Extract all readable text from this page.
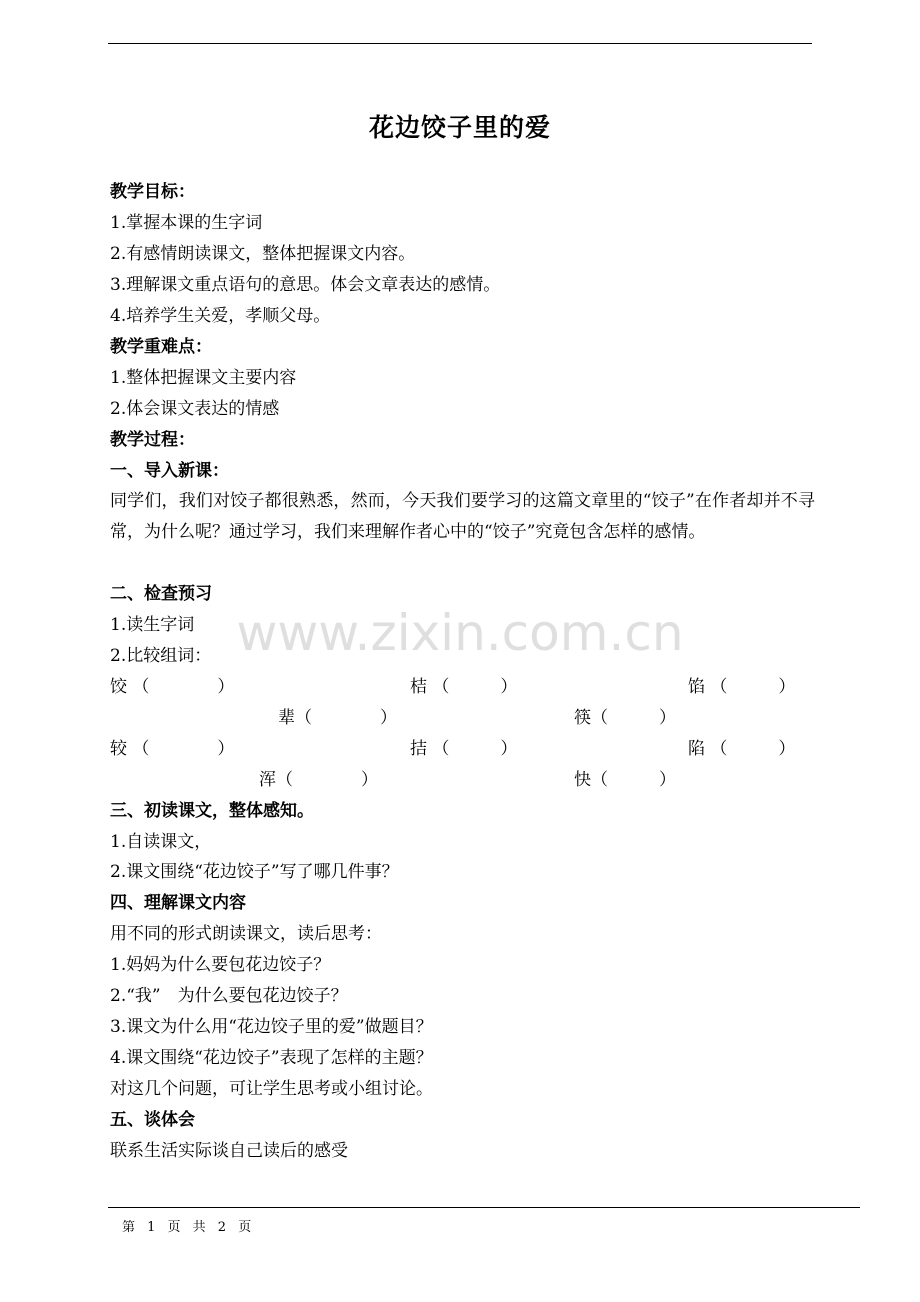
花边饺子里的爱
教学目标：
1.掌握本课的生字词
2.有感情朗读课文，整体把握课文内容。
3.理解课文重点语句的意思。体会文章表达的感情。
4.培养学生关爱，孝顺父母。
教学重难点：
1.整体把握课文主要内容
2.体会课文表达的情感
教学过程：
一、导入新课：
同学们，我们对饺子都很熟悉，然而，今天我们要学习的这篇文章里的“饺子”在作者却并不寻常，为什么呢？通过学习，我们来理解作者心中的“饺子”究竟包含怎样的感情。
二、检查预习
1.读生字词
2.比较组词：
饺 （　　　　）	桔 （　　　）	馅 （　　　）
辈（　　　　）	筷（　　　）
较 （　　　　）	拮 （　　　）	陷 （　　　）
浑（　　　　）	快（　　　）
三、初读课文，整体感知。
1.自读课文，
2.课文围绕“花边饺子”写了哪几件事？
四、理解课文内容
用不同的形式朗读课文，读后思考：
1.妈妈为什么要包花边饺子？
2.“我”　为什么要包花边饺子？
3.课文为什么用“花边饺子里的爱”做题目？
4.课文围绕“花边饺子”表现了怎样的主题？
对这几个问题，可让学生思考或小组讨论。
五、谈体会
联系生活实际谈自己读后的感受
www.zixin.com.cn
第 1 页 共 2 页
